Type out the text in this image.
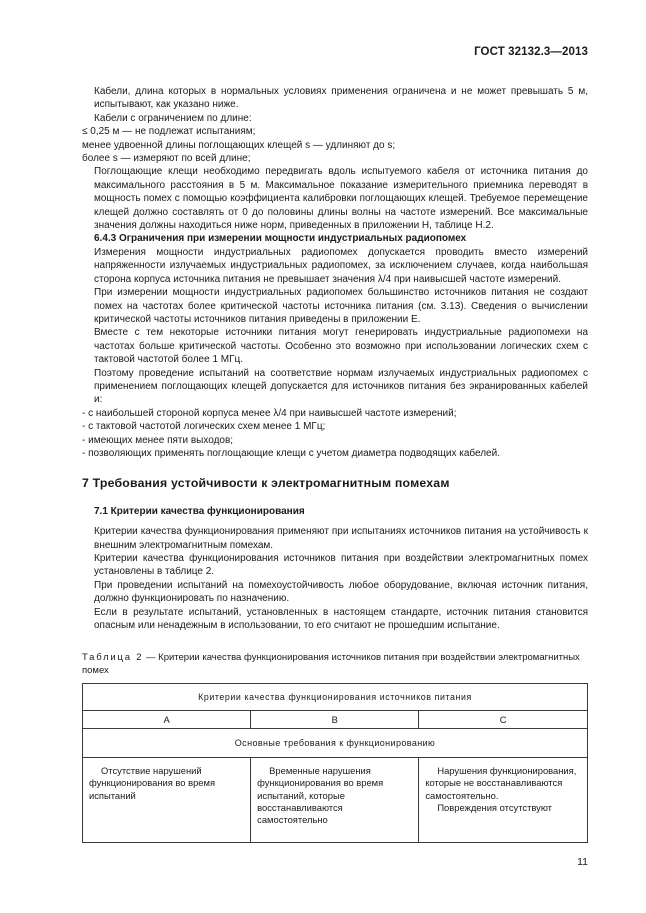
ГОСТ 32132.3—2013

Кабели, длина которых в нормальных условиях применения ограничена и не может превышать 5 м, испытывают, как указано ниже.

Кабели с ограничением по длине:

≤ 0,25 м — не подлежат испытаниям;

менее удвоенной длины поглощающих клещей s — удлиняют до s;

более s — измеряют по всей длине;

Поглощающие клещи необходимо передвигать вдоль испытуемого кабеля от источника питания до максимального расстояния в 5 м. Максимальное показание измерительного приемника переводят в мощность помех с помощью коэффициента калибровки поглощающих клещей. Требуемое перемещение клещей должно составлять от 0 до половины длины волны на частоте измерений. Все максимальные значения должны находиться ниже норм, приведенных в приложении Н, таблице Н.2.

6.4.3 Ограничения при измерении мощности индустриальных радиопомех

Измерения мощности индустриальных радиопомех допускается проводить вместо измерений напряженности излучаемых индустриальных радиопомех, за исключением случаев, когда наибольшая сторона корпуса источника питания не превышает значения λ/4 при наивысшей частоте измерений.

При измерении мощности индустриальных радиопомех большинство источников питания не создают помех на частотах более критической частоты источника питания (см. 3.13). Сведения о вычислении критической частоты источников питания приведены в приложении Е.

Вместе с тем некоторые источники питания могут генерировать индустриальные радиопомехи на частотах больше критической частоты. Особенно это возможно при использовании логических схем с тактовой частотой более 1 МГц.

Поэтому проведение испытаний на соответствие нормам излучаемых индустриальных радиопомех с применением поглощающих клещей допускается для источников питания без экранированных кабелей и:

- с наибольшей стороной корпуса менее λ/4 при наивысшей частоте измерений;

- с тактовой частотой логических схем менее 1 МГц;

- имеющих менее пяти выходов;

- позволяющих применять поглощающие клещи с учетом диаметра подводящих кабелей.

7 Требования устойчивости к электромагнитным помехам

7.1 Критерии качества функционирования

Критерии качества функционирования применяют при испытаниях источников питания на устойчивость к внешним электромагнитным помехам.

Критерии качества функционирования источников питания при воздействии электромагнитных помех установлены в таблице 2.

При проведении испытаний на помехоустойчивость любое оборудование, включая источник питания, должно функционировать по назначению.

Если в результате испытаний, установленных в настоящем стандарте, источник питания становится опасным или ненадежным в использовании, то его считают не прошедшим испытание.

Таблица 2 — Критерии качества функционирования источников питания при воздействии электромагнитных помех
Критерии качества функционирования источников питания		
A	B	C
Основные требования к функционированию		

Отсутствие нарушений функционирования во время испытаний	Временные нарушения функционирования во время испытаний, которые восстанавливаются самостоятельно	Нарушения функционирования, которые не восстанавливаются самостоятельно.
Повреждения отсутствуют
11
